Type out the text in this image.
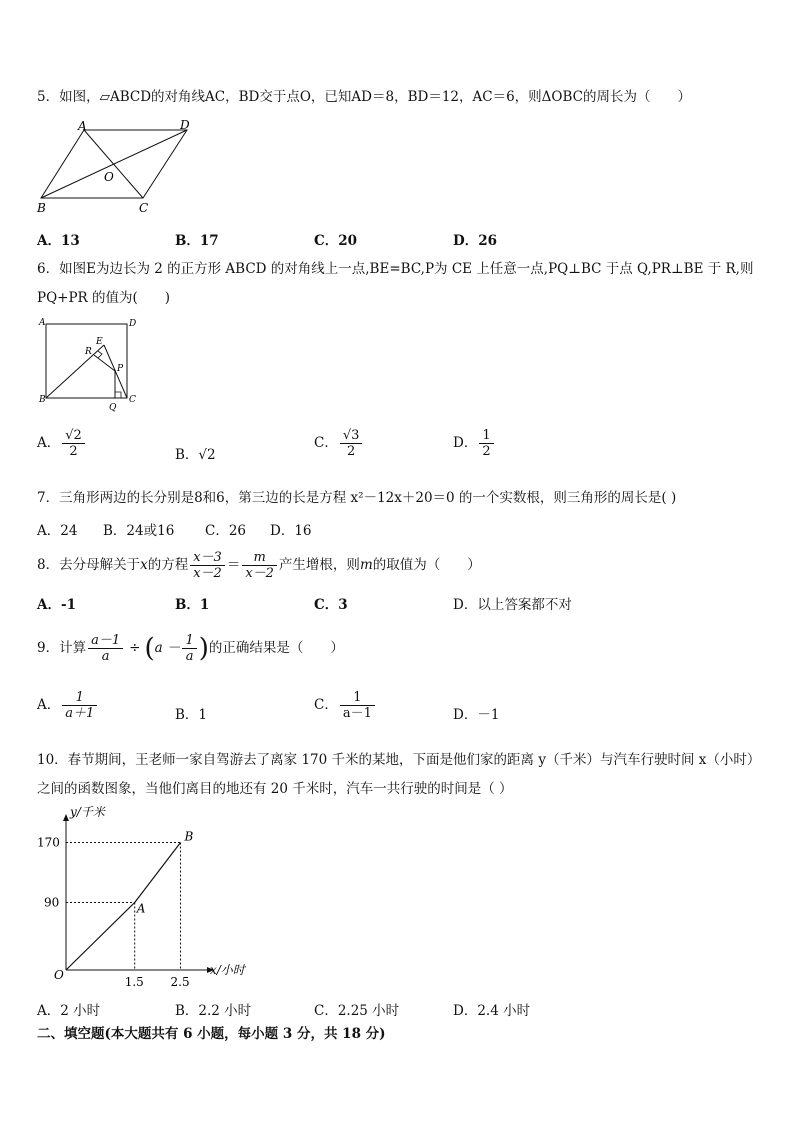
5．如图，▱ABCD的对角线AC，BD交于点O，已知AD＝8，BD＝12，AC＝6，则ΔOBC的周长为（　　）
A	D
O
B	C
A．13	B．17	C．20	D．26
6．如图E为边长为 2 的正方形 ABCD 的对角线上一点,BE=BC,P为 CE 上任意一点,PQ⊥BC 于点 Q,PR⊥BE 于 R,则
PQ+PR 的值为(　　)
A	D
B	C
E
R
P
Q
A． $\frac{√2}{2}$	B．√2
C． $\frac{√3}{2}$	D． $\frac{1}{2}$
7．三角形两边的长分别是8和6，第三边的长是方程 x²－12x＋20＝0 的一个实数根，则三角形的周长是( )
A．24 B．24或16 C．26 D．16
8．去分母解关于x的方程 $\frac{x-3}{x-2} = \frac{m}{x-2}$ 产生增根，则m的取值为（　　）
A．-1	B．1	C．3	D．以上答案都不对
9．计算 $\frac{a-1}{a} \div (a - \frac{1}{a}$ )的正确结果是（　　）
A． $\frac{1}{a+1}$	B．1
C． $\frac{1}{a-1}$	D．－1
10．春节期间，王老师一家自驾游去了离家 170 千米的某地，下面是他们家的距离 y（千米）与汽车行驶时间 x（小时）
之间的函数图象，当他们离目的地还有 20 千米时，汽车一共行驶的时间是（ ）
x/小时
y/千米
O
A
B
1.5 2.5
90
170
A．2 小时	B．2.2 小时	C．2.25 小时	D．2.4 小时
二、填空题(本大题共有 6 小题，每小题 3 分，共 18 分)
